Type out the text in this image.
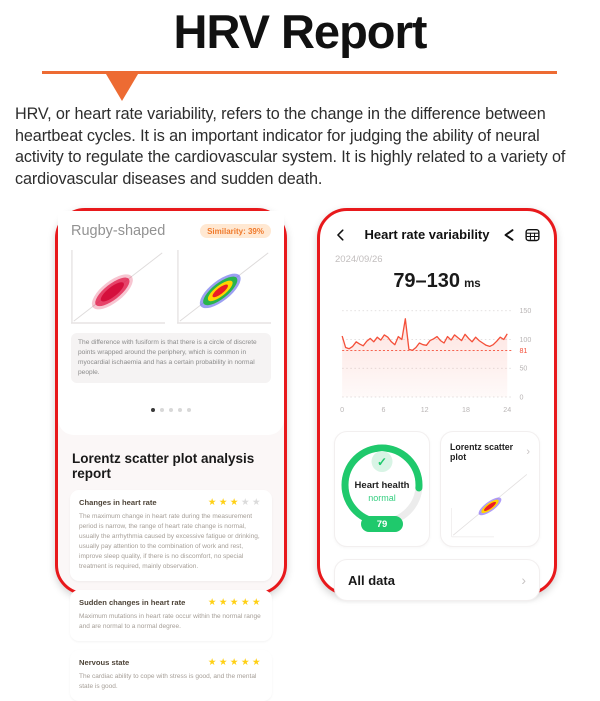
HRV Report
HRV, or heart rate variability, refers to the change in the difference between heartbeat cycles. It is an important indicator for judging the ability of neural activity to regulate the cardiovascular system. It is highly related to a variety of cardiovascular diseases and sudden death.
Rugby-shaped	Similarity: 39%
The difference with fusiform is that there is a circle of discrete points wrapped around the periphery, which is common in myocardial ischaemia and has a certain probability in normal people.
Lorentz scatter plot analysis report
Changes in heart rate	★★★★★
The maximum change in heart rate during the measurement period is narrow, the range of heart rate change is normal, usually the arrhythmia caused by excessive fatigue or drinking, usually pay attention to the combination of work and rest, improve sleep quality, if there is no discomfort, no special treatment is required, mainly observation.
Sudden changes in heart rate ★★★★★
Maximum mutations in heart rate occur within the normal range and are normal to a normal degree.
Nervous state	★★★★★
The cardiac ability to cope with stress is good, and the mental state is good.
Heart rate variability
2024/09/26
79–130 ms
150
100
50
0
81
0	6	12	18	24
✓
Heart health
normal
79
Lorentz scatter plot	›
All data	›
